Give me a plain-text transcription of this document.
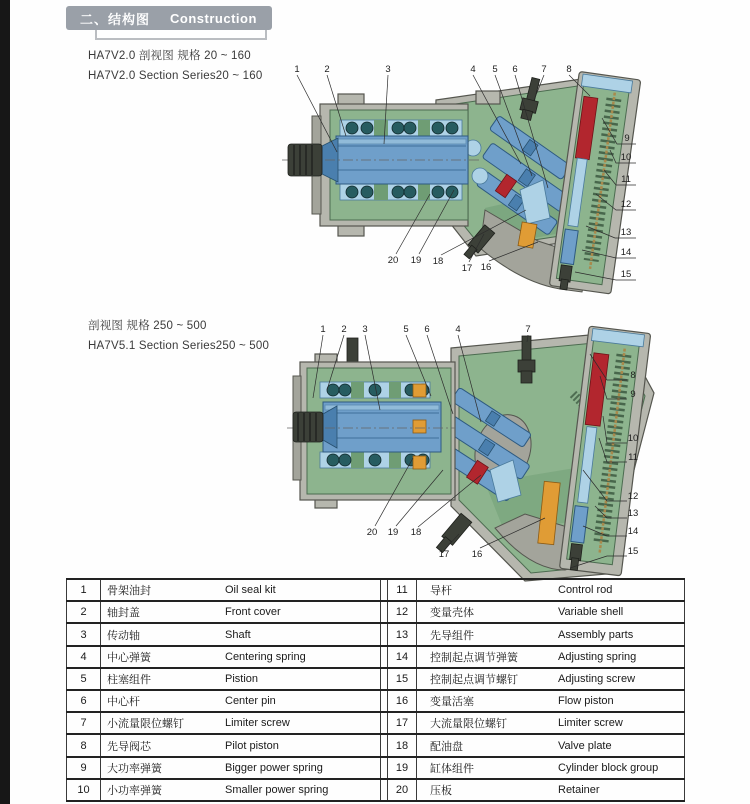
二、结构图 Construction
HA7V2.0 剖视图 规格 20 ~ 160
HA7V2.0 Section Series20 ~ 160
1	2	3	4 5 6 7 8
9
10
11
12
13
14
15
16
17
18
19
20
剖视图 规格 250 ~ 500
HA7V5.1 Section Series250 ~ 500
1 2 3	5 6	4	7
8
9
10
11
12
13
14
15
16
17
18
19
20
1	骨架油封	Oil seal kit	11	导杆	Control rod
2	轴封盖	Front cover	12	变量壳体	Variable shell
3	传动轴	Shaft	13	先导组件	Assembly parts
4	中心弹簧	Centering spring	14	控制起点调节弹簧	Adjusting spring
5	柱塞组件	Pistion	15	控制起点调节螺钉	Adjusting screw
6	中心杆	Center pin	16	变量活塞	Flow piston
7	小流量限位螺钉	Limiter screw	17	大流量限位螺钉	Limiter screw
8	先导阀芯	Pilot piston	18	配油盘	Valve plate
9	大功率弹簧	Bigger power spring	19	缸体组件	Cylinder block group
10	小功率弹簧	Smaller power spring	20	压板	Retainer
